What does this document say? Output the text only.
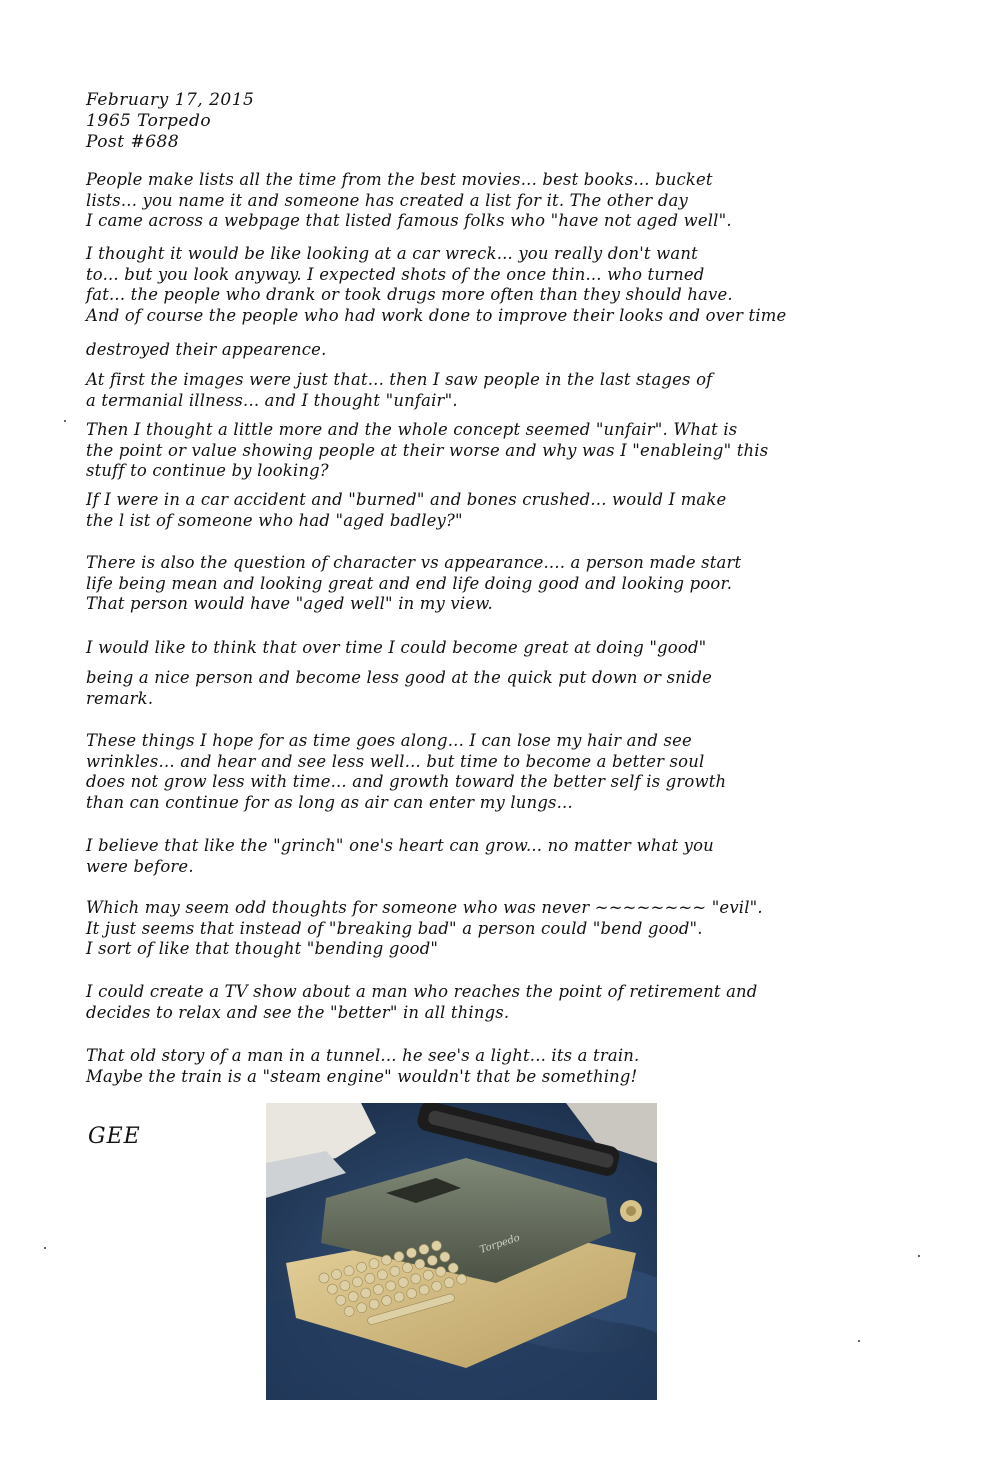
February 17, 2015
1965 Torpedo
Post #688
People make lists all the time from the best movies... best books... bucket
lists... you name it and someone has created a list for it. The other day
I came across a webpage that listed famous folks who "have not aged well".
I thought it would be like looking at a car wreck... you really don't want
to... but you look anyway. I expected shots of the once thin... who turned
fat... the people who drank or took drugs more often than they should have.
And of course the people who had work done to improve their looks and over time
destroyed their appearence.
At first the images were just that... then I saw people in the last stages of
a termanial illness... and I thought "unfair".
Then I thought a little more and the whole concept seemed "unfair". What is
the point or value showing people at their worse and why was I "enableing" this
stuff to continue by looking?
If I were in a car accident and "burned" and bones crushed... would I make
the l ist of someone who had "aged badley?"
There is also the question of character vs appearance.... a person made start
life being mean and looking great and end life doing good and looking poor.
That person would have "aged well" in my view.
I would like to think that over time I could become great at doing "good"
being a nice person and become less good at the quick put down or snide
remark.
These things I hope for as time goes along... I can lose my hair and see
wrinkles... and hear and see less well... but time to become a better soul
does not grow less with time... and growth toward the better self is growth
than can continue for as long as air can enter my lungs...
I believe that like the "grinch" one's heart can grow... no matter what you
were before.
Which may seem odd thoughts for someone who was never ~~~~~~~~ "evil".
It just seems that instead of "breaking bad" a person could "bend good".
I sort of like that thought "bending good"
I could create a TV show about a man who reaches the point of retirement and
decides to relax and see the "better" in all things.
That old story of a man in a tunnel... he see's a light... its a train.
Maybe the train is a "steam engine" wouldn't that be something!
GEE
Torpedo
